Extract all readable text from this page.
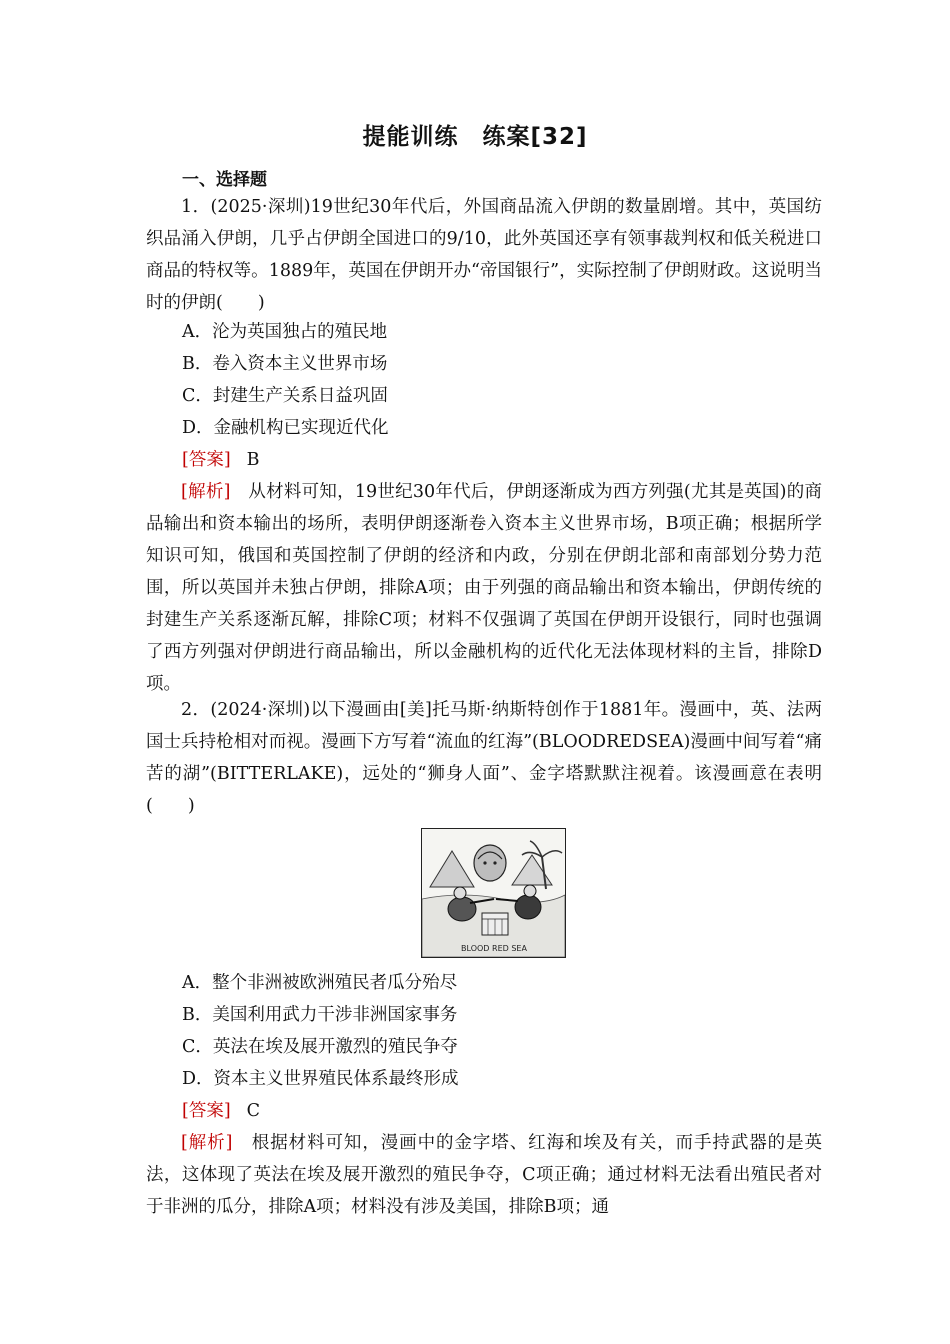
提能训练　练案[32]
一、选择题

1．(2025·深圳)19世纪30年代后，外国商品流入伊朗的数量剧增。其中，英国纺织品涌入伊朗，几乎占伊朗全国进口的9/10，此外英国还享有领事裁判权和低关税进口商品的特权等。1889年，英国在伊朗开办“帝国银行”，实际控制了伊朗财政。这说明当时的伊朗(　　)

A．沦为英国独占的殖民地
B．卷入资本主义世界市场
C．封建生产关系日益巩固
D．金融机构已实现近代化
[答案] B

[解析]　 从材料可知，19世纪30年代后，伊朗逐渐成为西方列强(尤其是英国)的商品输出和资本输出的场所，表明伊朗逐渐卷入资本主义世界市场，B项正确；根据所学知识可知，俄国和英国控制了伊朗的经济和内政，分别在伊朗北部和南部划分势力范围，所以英国并未独占伊朗，排除A项；由于列强的商品输出和资本输出，伊朗传统的封建生产关系逐渐瓦解，排除C项；材料不仅强调了英国在伊朗开设银行，同时也强调了西方列强对伊朗进行商品输出，所以金融机构的近代化无法体现材料的主旨，排除D项。

2．(2024·深圳)以下漫画由[美]托马斯·纳斯特创作于1881年。漫画中，英、法两国士兵持枪相对而视。漫画下方写着“流血的红海”(BLOODREDSEA)漫画中间写着“痛苦的湖”(BITTERLAKE)，远处的“狮身人面”、金字塔默默注视着。该漫画意在表明(　　)

BLOOD RED SEA
A．整个非洲被欧洲殖民者瓜分殆尽
B．美国利用武力干涉非洲国家事务
C．英法在埃及展开激烈的殖民争夺
D．资本主义世界殖民体系最终形成
[答案] C

[解析]　 根据材料可知，漫画中的金字塔、红海和埃及有关，而手持武器的是英法，这体现了英法在埃及展开激烈的殖民争夺，C项正确；通过材料无法看出殖民者对于非洲的瓜分，排除A项；材料没有涉及美国，排除B项；通
